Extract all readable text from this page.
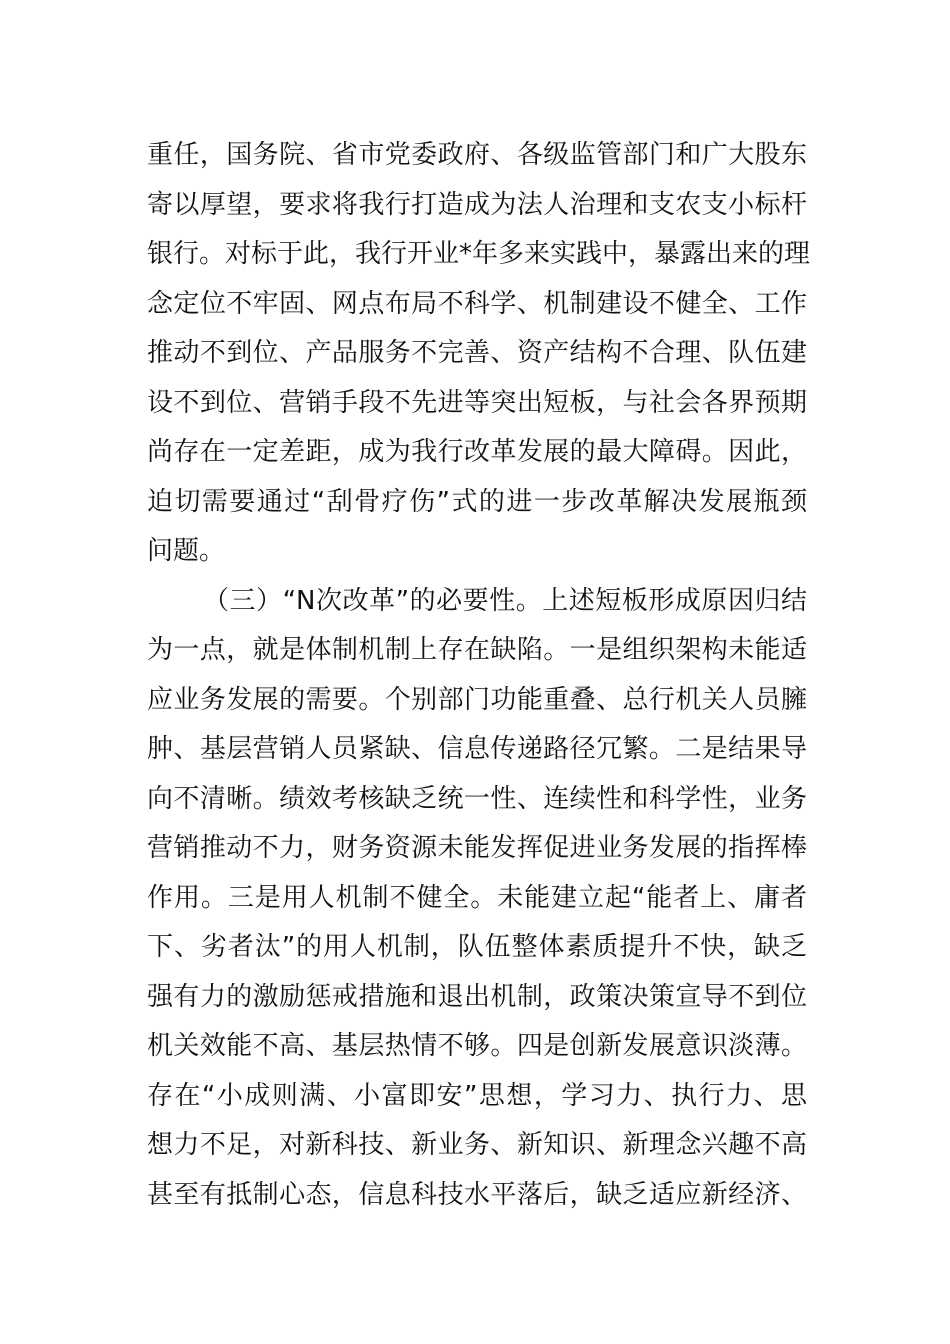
重任，国务院、省市党委政府、各级监管部门和广大股东
寄以厚望，要求将我行打造成为法人治理和支农支小标杆
银行。对标于此，我行开业*年多来实践中，暴露出来的理
念定位不牢固、网点布局不科学、机制建设不健全、工作
推动不到位、产品服务不完善、资产结构不合理、队伍建
设不到位、营销手段不先进等突出短板，与社会各界预期
尚存在一定差距，成为我行改革发展的最大障碍。因此，
迫切需要通过“刮骨疗伤”式的进一步改革解决发展瓶颈
问题。
（三）“N次改革”的必要性。上述短板形成原因归结
为一点，就是体制机制上存在缺陷。一是组织架构未能适
应业务发展的需要。个别部门功能重叠、总行机关人员臃
肿、基层营销人员紧缺、信息传递路径冗繁。二是结果导
向不清晰。绩效考核缺乏统一性、连续性和科学性，业务
营销推动不力，财务资源未能发挥促进业务发展的指挥棒
作用。三是用人机制不健全。未能建立起“能者上、庸者
下、劣者汰”的用人机制，队伍整体素质提升不快，缺乏
强有力的激励惩戒措施和退出机制，政策决策宣导不到位
机关效能不高、基层热情不够。四是创新发展意识淡薄。
存在“小成则满、小富即安”思想，学习力、执行力、思
想力不足，对新科技、新业务、新知识、新理念兴趣不高
甚至有抵制心态，信息科技水平落后，缺乏适应新经济、
